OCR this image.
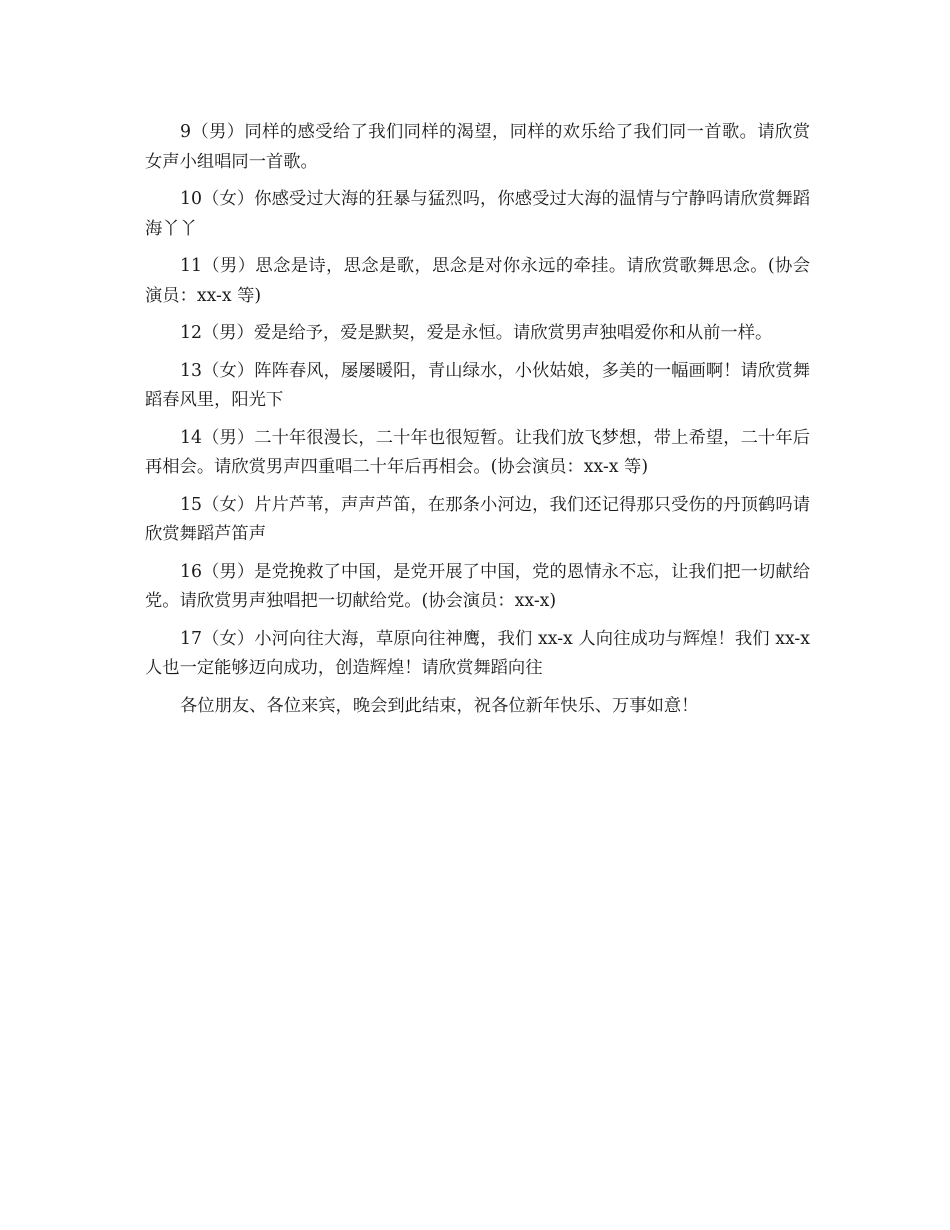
9（男）同样的感受给了我们同样的渴望，同样的欢乐给了我们同一首歌。请欣赏女声小组唱同一首歌。

10（女）你感受过大海的狂暴与猛烈吗，你感受过大海的温情与宁静吗请欣赏舞蹈海丫丫

11（男）思念是诗，思念是歌，思念是对你永远的牵挂。请欣赏歌舞思念。(协会演员：xx-x 等)

12（男）爱是给予，爱是默契，爱是永恒。请欣赏男声独唱爱你和从前一样。

13（女）阵阵春风，屡屡暖阳，青山绿水，小伙姑娘，多美的一幅画啊！请欣赏舞蹈春风里，阳光下

14（男）二十年很漫长，二十年也很短暂。让我们放飞梦想，带上希望，二十年后再相会。请欣赏男声四重唱二十年后再相会。(协会演员：xx-x 等)

15（女）片片芦苇，声声芦笛，在那条小河边，我们还记得那只受伤的丹顶鹤吗请欣赏舞蹈芦笛声

16（男）是党挽救了中国，是党开展了中国，党的恩情永不忘，让我们把一切献给党。请欣赏男声独唱把一切献给党。(协会演员：xx-x)

17（女）小河向往大海，草原向往神鹰，我们 xx-x 人向往成功与辉煌！我们 xx-x 人也一定能够迈向成功，创造辉煌！请欣赏舞蹈向往

各位朋友、各位来宾，晚会到此结束，祝各位新年快乐、万事如意！
